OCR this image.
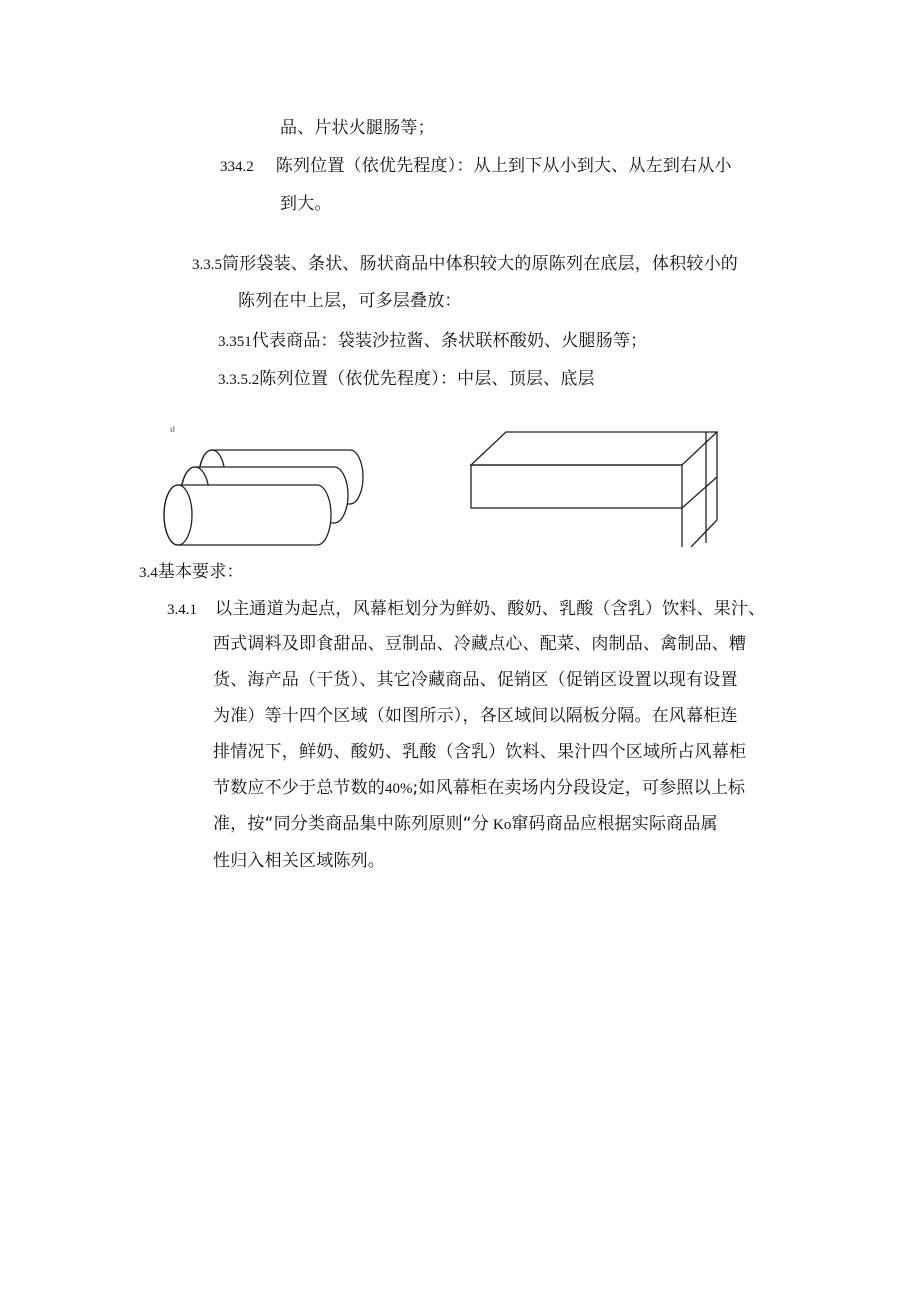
品、片状火腿肠等；
334.2 陈列位置（依优先程度）：从上到下从小到大、从左到右从小
到大。
3.3.5筒形袋装、条状、肠状商品中体积较大的原陈列在底层，体积较小的
陈列在中上层，可多层叠放：
3.351代表商品：袋装沙拉酱、条状联杯酸奶、火腿肠等；
3.3.5.2陈列位置（依优先程度）：中层、顶层、底层
ιl
3.4基本要求：
3.4.1 以主通道为起点，风幕柜划分为鲜奶、酸奶、乳酸（含乳）饮料、果汁、
西式调料及即食甜品、豆制品、冷藏点心、配菜、肉制品、禽制品、糟
货、海产品（干货）、其它冷藏商品、促销区（促销区设置以现有设置
为准）等十四个区域（如图所示），各区域间以隔板分隔。在风幕柜连
排情况下，鲜奶、酸奶、乳酸（含乳）饮料、果汁四个区域所占风幕柜
节数应不少于总节数的40%;如风幕柜在卖场内分段设定，可参照以上标
准，按“同分类商品集中陈列原则“分 Ko窜码商品应根据实际商品属
性归入相关区域陈列。
